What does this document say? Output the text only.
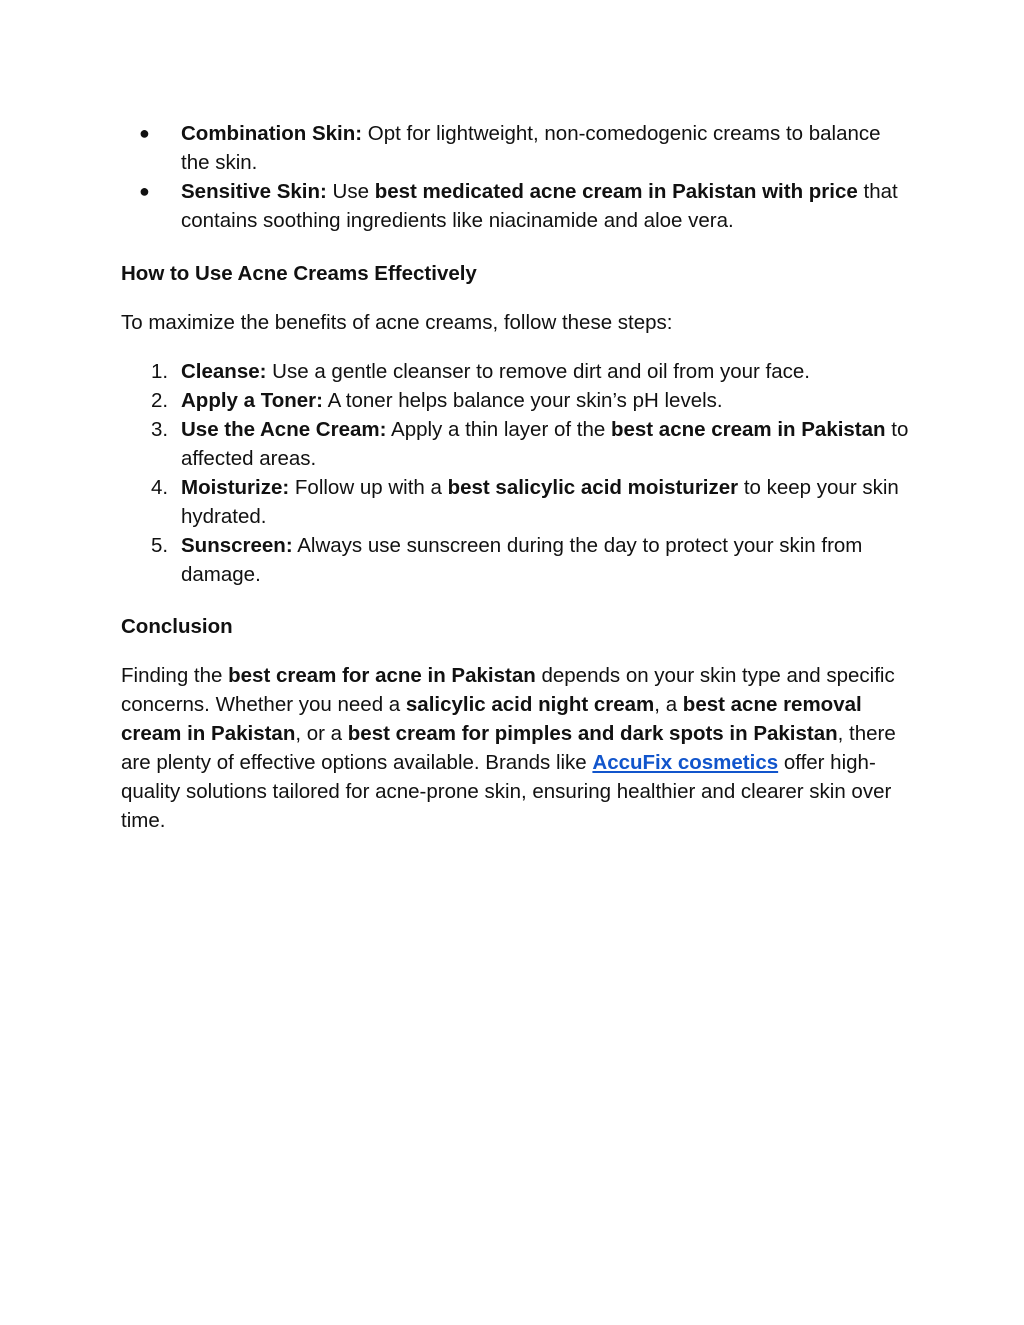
● Combination Skin: Opt for lightweight, non-comedogenic creams to balance the skin.
● Sensitive Skin: Use best medicated acne cream in Pakistan with price that contains soothing ingredients like niacinamide and aloe vera.
How to Use Acne Creams Effectively

To maximize the benefits of acne creams, follow these steps:

1. Cleanse: Use a gentle cleanser to remove dirt and oil from your face.
2. Apply a Toner: A toner helps balance your skin’s pH levels.
3. Use the Acne Cream: Apply a thin layer of the best acne cream in Pakistan to affected areas.
4. Moisturize: Follow up with a best salicylic acid moisturizer to keep your skin hydrated.
5. Sunscreen: Always use sunscreen during the day to protect your skin from damage.
Conclusion

Finding the best cream for acne in Pakistan depends on your skin type and specific concerns. Whether you need a salicylic acid night cream, a best acne removal cream in Pakistan, or a best cream for pimples and dark spots in Pakistan, there are plenty of effective options available. Brands like AccuFix cosmetics offer high-quality solutions tailored for acne-prone skin, ensuring healthier and clearer skin over time.
